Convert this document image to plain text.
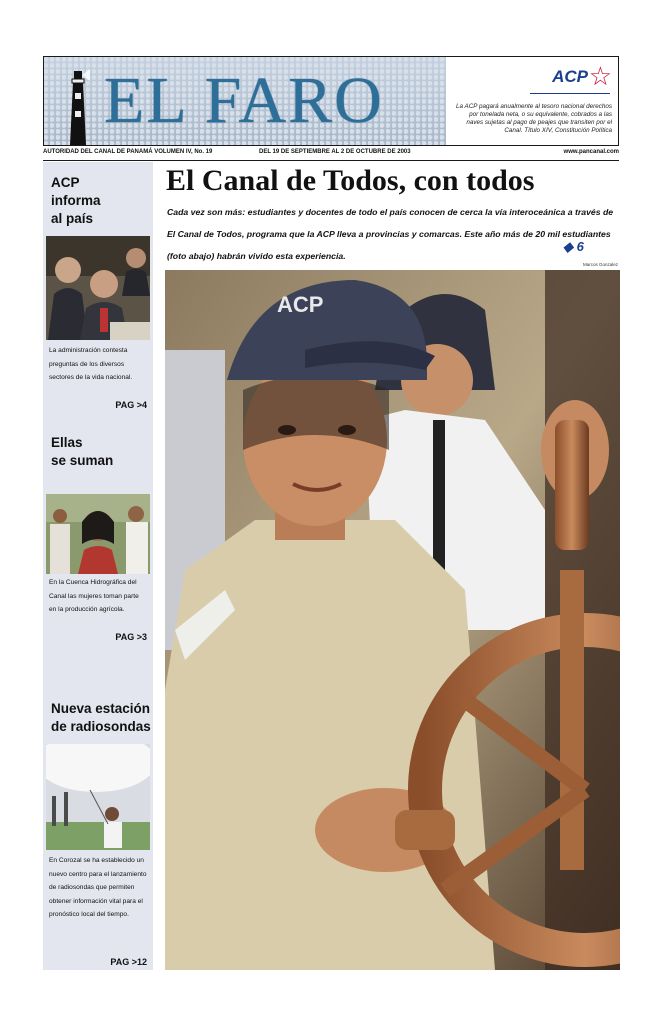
EL FARO	ACP ☆
La ACP pagará anualmente al tesoro nacional derechos por tonelada neta, o su equivalente, cobrados a las naves sujetas al pago de peajes que transiten por el Canal. Título XIV, Constitución Política
AUTORIDAD DEL CANAL DE PANAMÁ VOLUMEN IV, No. 19	DEL 19 DE SEPTIEMBRE AL 2 DE OCTUBRE DE 2003	www.pancanal.com
ACP
informa
al país
La administración contesta preguntas de los diversos sectores de la vida nacional.
PAG >4
Ellas
se suman
En la Cuenca Hidrográfica del Canal las mujeres toman parte en la producción agrícola.
PAG >3
Nueva estación
de radiosondas
En Corozal se ha establecido un nuevo centro para el lanzamiento de radiosondas que permiten obtener información vital para el pronóstico local del tiempo.
PAG >12
El Canal de Todos, con todos
Cada vez son más: estudiantes y docentes de todo el país conocen de cerca la vía interoceánica a través de El Canal de Todos, programa que la ACP lleva a provincias y comarcas. Este año más de 20 mil estudiantes (foto abajo) habrán vivido esta experiencia.
◆ 6
Marcos Gonzalez
ACP
